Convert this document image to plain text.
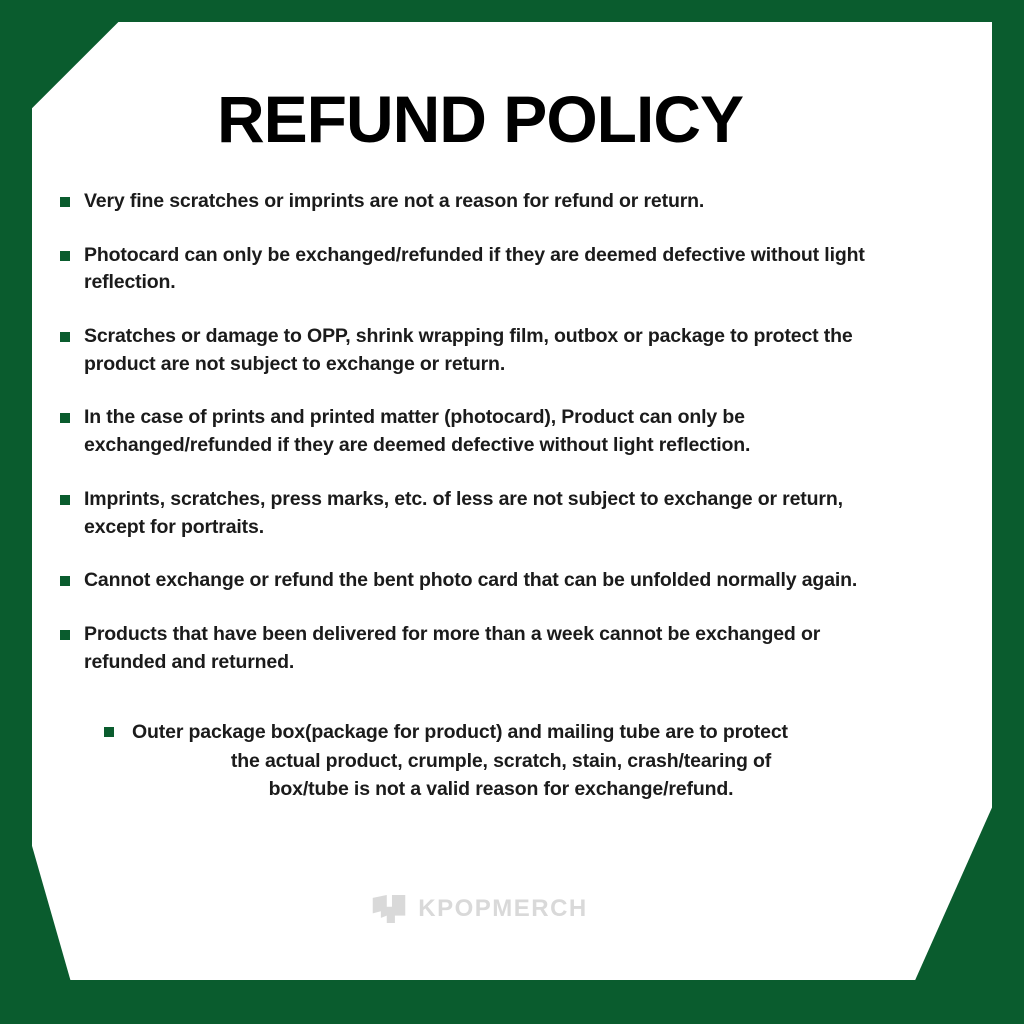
REFUND POLICY
Very fine scratches or imprints are not a reason for refund or return.
Photocard can only be exchanged/refunded if they are deemed defective without light reflection.
Scratches or damage to OPP, shrink wrapping film, outbox or package to protect the product are not subject to exchange or return.
In the case of prints and printed matter (photocard), Product can only be exchanged/refunded if they are deemed defective without light reflection.
Imprints, scratches, press marks, etc. of less are not subject to exchange or return, except for portraits.
Cannot exchange or refund the bent photo card that can be unfolded normally again.
Products that have been delivered for more than a week cannot be exchanged or refunded and returned.
Outer package box(package for product) and mailing tube are to protect
the actual product, crumple, scratch, stain, crash/tearing of
box/tube is not a valid reason for exchange/refund.
KPOPMERCH
